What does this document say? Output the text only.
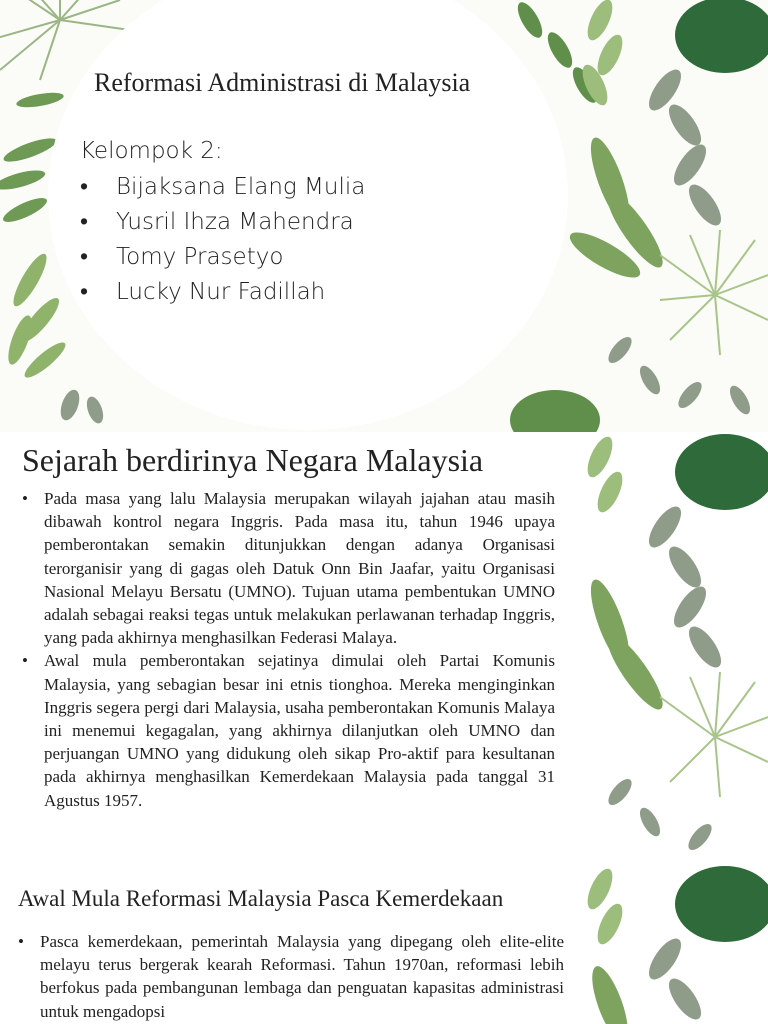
Reformasi Administrasi di Malaysia
Kelompok 2:
• Bijaksana Elang Mulia
• Yusril Ihza Mahendra
• Tomy Prasetyo
• Lucky Nur Fadillah
Sejarah berdirinya Negara Malaysia

• Pada masa yang lalu Malaysia merupakan wilayah jajahan atau masih dibawah kontrol negara Inggris. Pada masa itu, tahun 1946 upaya pemberontakan semakin ditunjukkan dengan adanya Organisasi terorganisir yang di gagas oleh Datuk Onn Bin Jaafar, yaitu Organisasi Nasional Melayu Bersatu (UMNO). Tujuan utama pembentukan UMNO adalah sebagai reaksi tegas untuk melakukan perlawanan terhadap Inggris, yang pada akhirnya menghasilkan Federasi Malaya.

• Awal mula pemberontakan sejatinya dimulai oleh Partai Komunis Malaysia, yang sebagian besar ini etnis tionghoa. Mereka menginginkan Inggris segera pergi dari Malaysia, usaha pemberontakan Komunis Malaya ini menemui kegagalan, yang akhirnya dilanjutkan oleh UMNO dan perjuangan UMNO yang didukung oleh sikap Pro-aktif para kesultanan pada akhirnya menghasilkan Kemerdekaan Malaysia pada tanggal 31 Agustus 1957.

Awal Mula Reformasi Malaysia Pasca Kemerdekaan

• Pasca kemerdekaan, pemerintah Malaysia yang dipegang oleh elite-elite melayu terus bergerak kearah Reformasi. Tahun 1970an, reformasi lebih berfokus pada pembangunan lembaga dan penguatan kapasitas administrasi untuk mengadopsi
